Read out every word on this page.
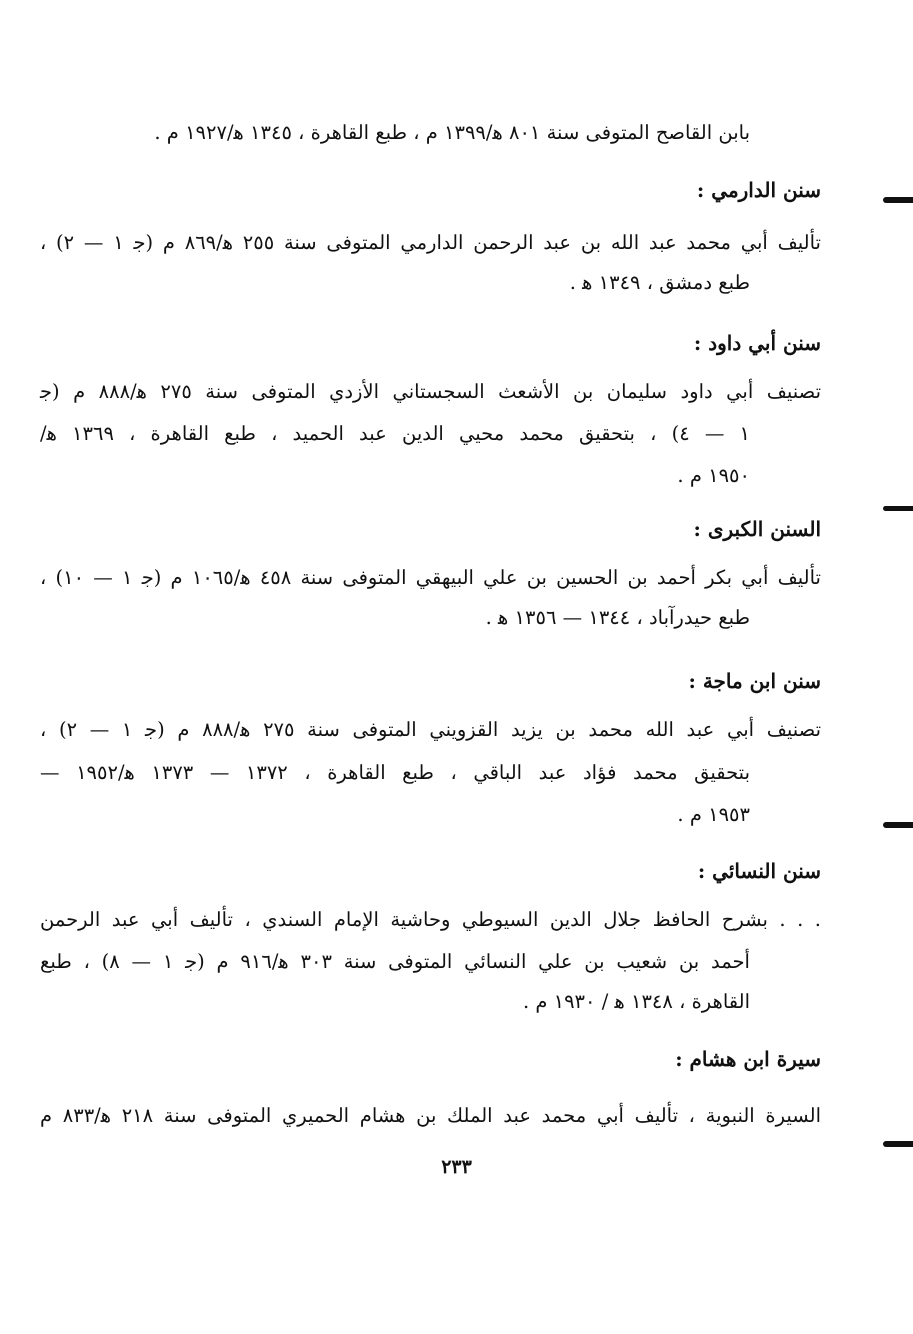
بابن القاصح المتوفى سنة ٨٠١ ﻫ/١٣٩٩ م ، طبع القاهرة ، ١٣٤٥ ﻫ/١٩٢٧ م .
سنن الدارمي :
تأليف أبي محمد عبد الله بن عبد الرحمن الدارمي المتوفى سنة ٢٥٥ ﻫ/٨٦٩ م (ﺟ ١ — ٢) ،
طبع دمشق ، ١٣٤٩ ﻫ .
سنن أبي داود :
تصنيف أبي داود سليمان بن الأشعث السجستاني الأزدي المتوفى سنة ٢٧٥ ﻫ/٨٨٨ م (ﺟ
١ — ٤) ، بتحقيق محمد محيي الدين عبد الحميد ، طبع القاهرة ، ١٣٦٩ ﻫ/
١٩٥٠ م .
السنن الكبرى :
تأليف أبي بكر أحمد بن الحسين بن علي البيهقي المتوفى سنة ٤٥٨ ﻫ/١٠٦٥ م (ﺟ ١ — ١٠) ،
طبع حيدرآباد ، ١٣٤٤ — ١٣٥٦ ﻫ .
سنن ابن ماجة :
تصنيف أبي عبد الله محمد بن يزيد القزويني المتوفى سنة ٢٧٥ ﻫ/٨٨٨ م (ﺟ ١ — ٢) ،
بتحقيق محمد فؤاد عبد الباقي ، طبع القاهرة ، ١٣٧٢ — ١٣٧٣ ﻫ/١٩٥٢ —
١٩٥٣ م .
سنن النسائي :
. . . بشرح الحافظ جلال الدين السيوطي وحاشية الإمام السندي ، تأليف أبي عبد الرحمن
أحمد بن شعيب بن علي النسائي المتوفى سنة ٣٠٣ ﻫ/٩١٦ م (ﺟ ١ — ٨) ، طبع
القاهرة ، ١٣٤٨ ﻫ / ١٩٣٠ م .
سيرة ابن هشام :
السيرة النبوية ، تأليف أبي محمد عبد الملك بن هشام الحميري المتوفى سنة ٢١٨ ﻫ/٨٣٣ م
٢٣٣
